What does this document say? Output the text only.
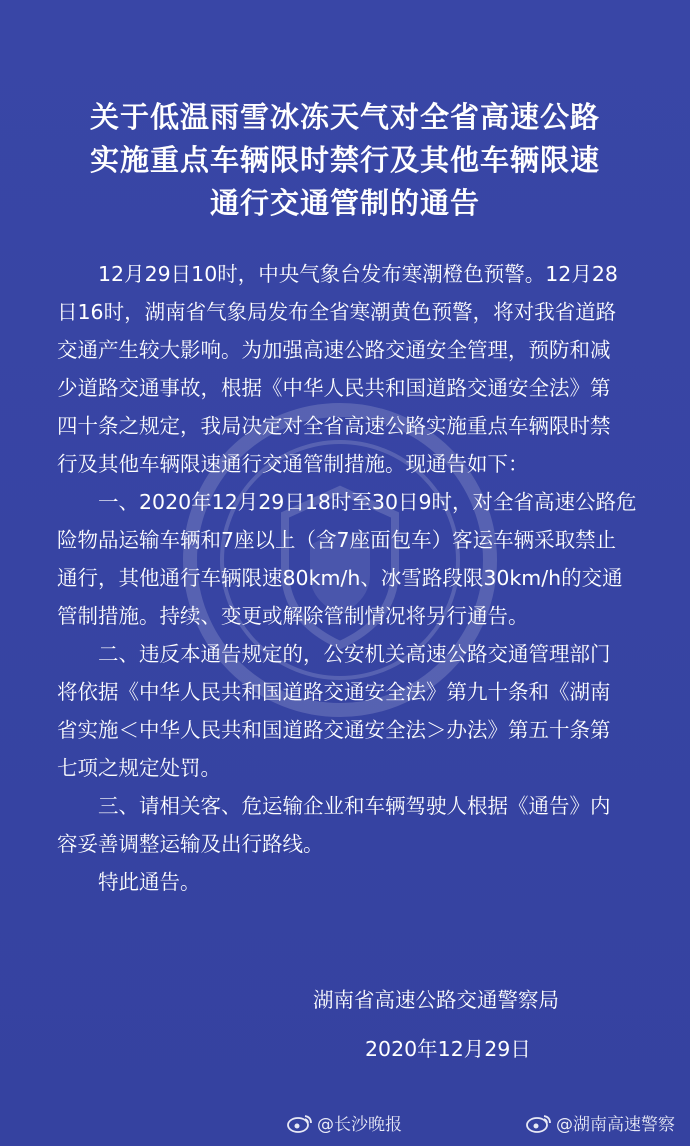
关于低温雨雪冰冻天气对全省高速公路
实施重点车辆限时禁行及其他车辆限速
通行交通管制的通告
　　12月29日10时，中央气象台发布寒潮橙色预警。12月28
日16时，湖南省气象局发布全省寒潮黄色预警，将对我省道路
交通产生较大影响。为加强高速公路交通安全管理，预防和减
少道路交通事故，根据《中华人民共和国道路交通安全法》第
四十条之规定，我局决定对全省高速公路实施重点车辆限时禁
行及其他车辆限速通行交通管制措施。现通告如下：
　　一、2020年12月29日18时至30日9时，对全省高速公路危
险物品运输车辆和7座以上（含7座面包车）客运车辆采取禁止
通行，其他通行车辆限速80km/h、冰雪路段限30km/h的交通
管制措施。持续、变更或解除管制情况将另行通告。
　　二、违反本通告规定的，公安机关高速公路交通管理部门
将依据《中华人民共和国道路交通安全法》第九十条和《湖南
省实施＜中华人民共和国道路交通安全法＞办法》第五十条第
七项之规定处罚。
　　三、请相关客、危运输企业和车辆驾驶人根据《通告》内
容妥善调整运输及出行路线。
　　特此通告。
湖南省高速公路交通警察局
2020年12月29日
@长沙晚报	@湖南高速警察
